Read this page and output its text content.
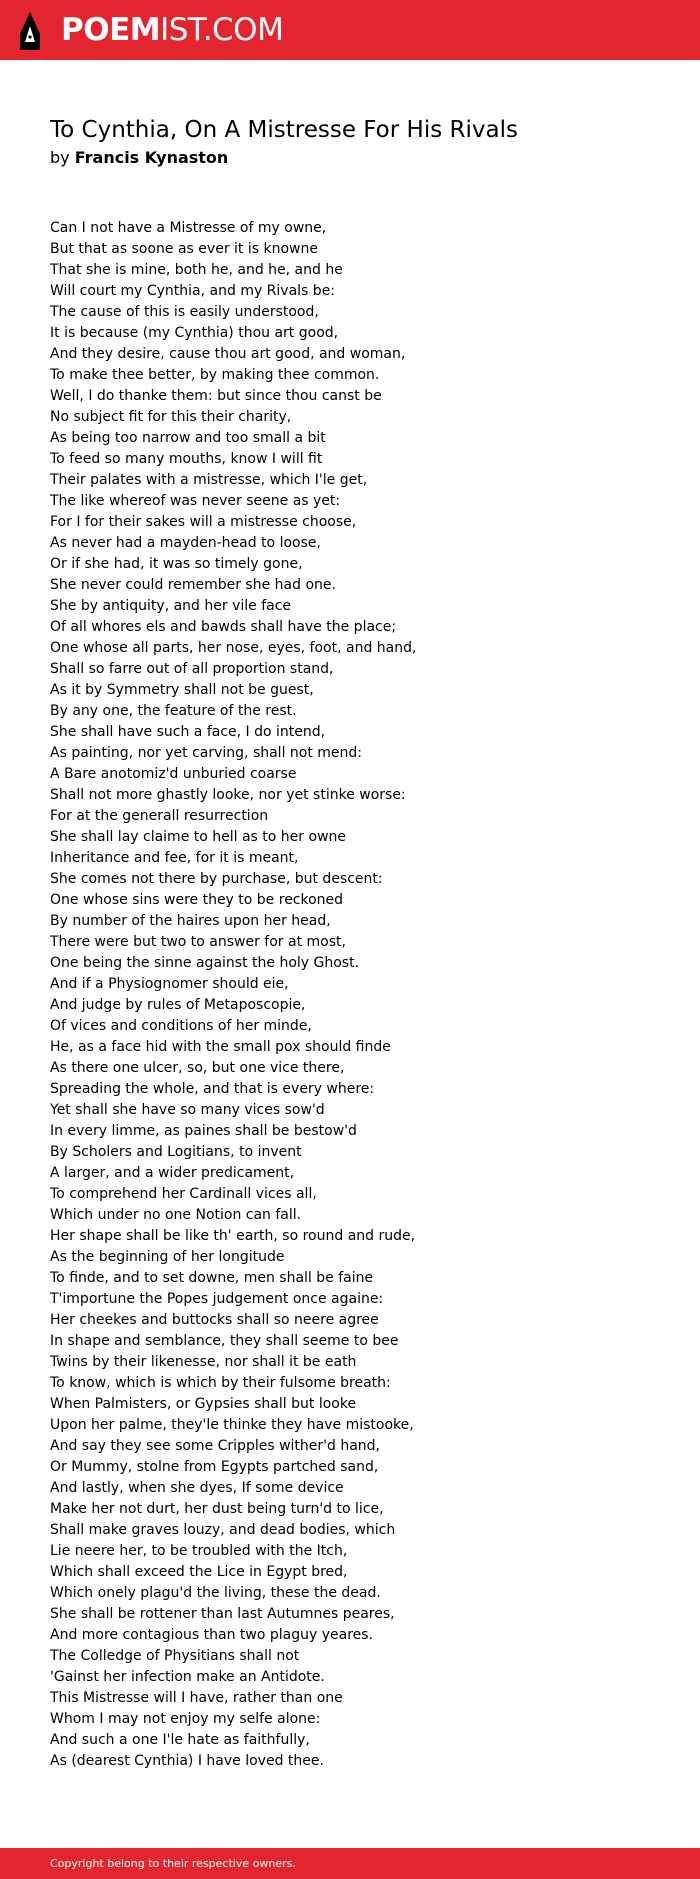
POEMIST.COM
To Cynthia, On A Mistresse For His Rivals
by Francis Kynaston
Can I not have a Mistresse of my owne,
But that as soone as ever it is knowne
That she is mine, both he, and he, and he
Will court my Cynthia, and my Rivals be:
The cause of this is easily understood,
It is because (my Cynthia) thou art good,
And they desire, cause thou art good, and woman,
To make thee better, by making thee common.
Well, I do thanke them: but since thou canst be
No subject fit for this their charity,
As being too narrow and too small a bit
To feed so many mouths, know I will fit
Their palates with a mistresse, which I'le get,
The like whereof was never seene as yet:
For I for their sakes will a mistresse choose,
As never had a mayden-head to loose,
Or if she had, it was so timely gone,
She never could remember she had one.
She by antiquity, and her vile face
Of all whores els and bawds shall have the place;
One whose all parts, her nose, eyes, foot, and hand,
Shall so farre out of all proportion stand,
As it by Symmetry shall not be guest,
By any one, the feature of the rest.
She shall have such a face, I do intend,
As painting, nor yet carving, shall not mend:
A Bare anotomiz'd unburied coarse
Shall not more ghastly looke, nor yet stinke worse:
For at the generall resurrection
She shall lay claime to hell as to her owne
Inheritance and fee, for it is meant,
She comes not there by purchase, but descent:
One whose sins were they to be reckoned
By number of the haires upon her head,
There were but two to answer for at most,
One being the sinne against the holy Ghost.
And if a Physiognomer should eie,
And judge by rules of Metaposcopie,
Of vices and conditions of her minde,
He, as a face hid with the small pox should finde
As there one ulcer, so, but one vice there,
Spreading the whole, and that is every where:
Yet shall she have so many vices sow'd
In every limme, as paines shall be bestow'd
By Scholers and Logitians, to invent
A larger, and a wider predicament,
To comprehend her Cardinall vices all,
Which under no one Notion can fall.
Her shape shall be like th' earth, so round and rude,
As the beginning of her longitude
To finde, and to set downe, men shall be faine
T'importune the Popes judgement once againe:
Her cheekes and buttocks shall so neere agree
In shape and semblance, they shall seeme to bee
Twins by their likenesse, nor shall it be eath
To know, which is which by their fulsome breath:
When Palmisters, or Gypsies shall but looke
Upon her palme, they'le thinke they have mistooke,
And say they see some Cripples wither'd hand,
Or Mummy, stolne from Egypts partched sand,
And lastly, when she dyes, If some device
Make her not durt, her dust being turn'd to lice,
Shall make graves louzy, and dead bodies, which
Lie neere her, to be troubled with the Itch,
Which shall exceed the Lice in Egypt bred,
Which onely plagu'd the living, these the dead.
She shall be rottener than last Autumnes peares,
And more contagious than two plaguy yeares.
The Colledge of Physitians shall not
'Gainst her infection make an Antidote.
This Mistresse will I have, rather than one
Whom I may not enjoy my selfe alone:
And such a one I'le hate as faithfully,
As (dearest Cynthia) I have loved thee.
Copyright belong to their respective owners.
